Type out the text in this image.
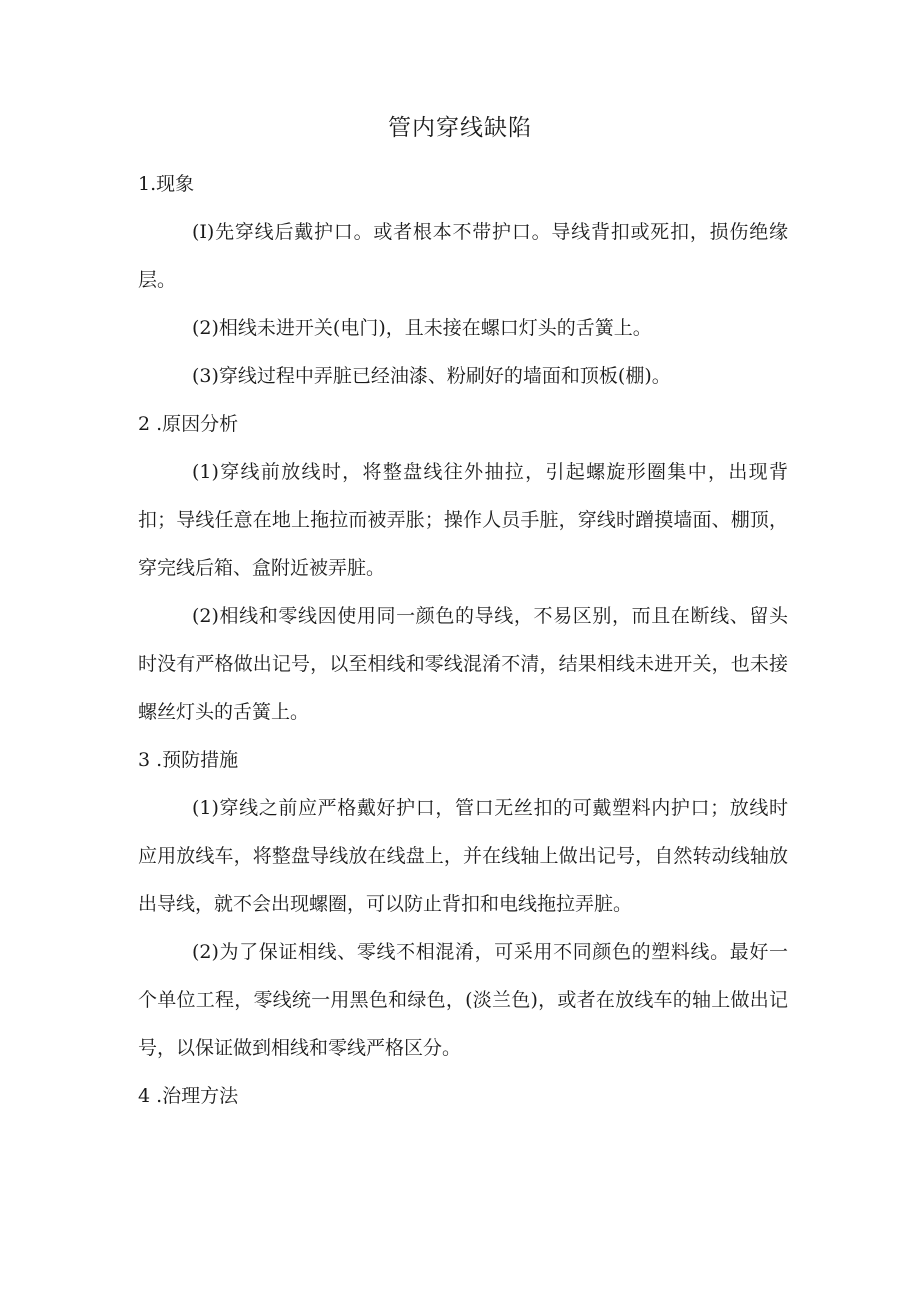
管内穿线缺陷

1.现象

(I)先穿线后戴护口。或者根本不带护口。导线背扣或死扣，损伤绝缘层。

(2)相线未进开关(电门)，且未接在螺口灯头的舌簧上。

(3)穿线过程中弄脏已经油漆、粉刷好的墙面和顶板(棚)。

2 .原因分析

(1)穿线前放线时，将整盘线往外抽拉，引起螺旋形圈集中，出现背扣；导线任意在地上拖拉而被弄胀；操作人员手脏，穿线时蹭摸墙面、棚顶，穿完线后箱、盒附近被弄脏。

(2)相线和零线因使用同一颜色的导线，不易区别，而且在断线、留头时没有严格做出记号，以至相线和零线混淆不清，结果相线未进开关，也未接螺丝灯头的舌簧上。

3 .预防措施

(1)穿线之前应严格戴好护口，管口无丝扣的可戴塑料内护口；放线时应用放线车，将整盘导线放在线盘上，并在线轴上做出记号，自然转动线轴放出导线，就不会出现螺圈，可以防止背扣和电线拖拉弄脏。

(2)为了保证相线、零线不相混淆，可采用不同颜色的塑料线。最好一个单位工程，零线统一用黑色和绿色，(淡兰色)，或者在放线车的轴上做出记号，以保证做到相线和零线严格区分。

4 .治理方法
